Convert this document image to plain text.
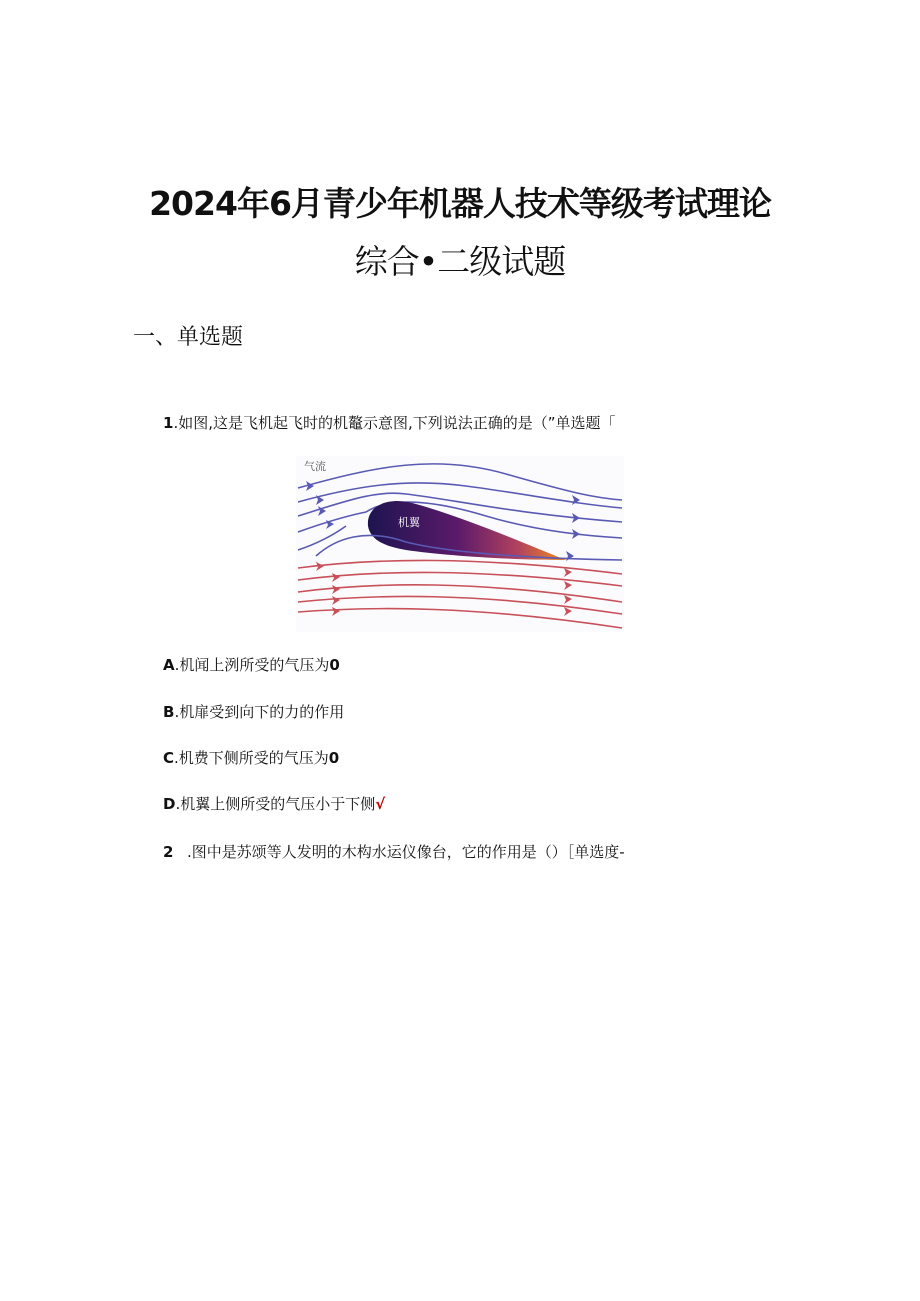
2024年6月青少年机器人技术等级考试理论
综合•二级试题
一、单选题
1.如图,这是飞机起飞时的机鼇示意图,下列说法正确的是（”单选题「
气流
机翼
A.机闻上洌所受的气压为0
B.机扉受到向下的力的作用
C.机费下侧所受的气压为0
D.机翼上侧所受的气压小于下侧√
2 .图中是苏颂等人发明的木构水运仪像台，它的作用是（）［单选度-
